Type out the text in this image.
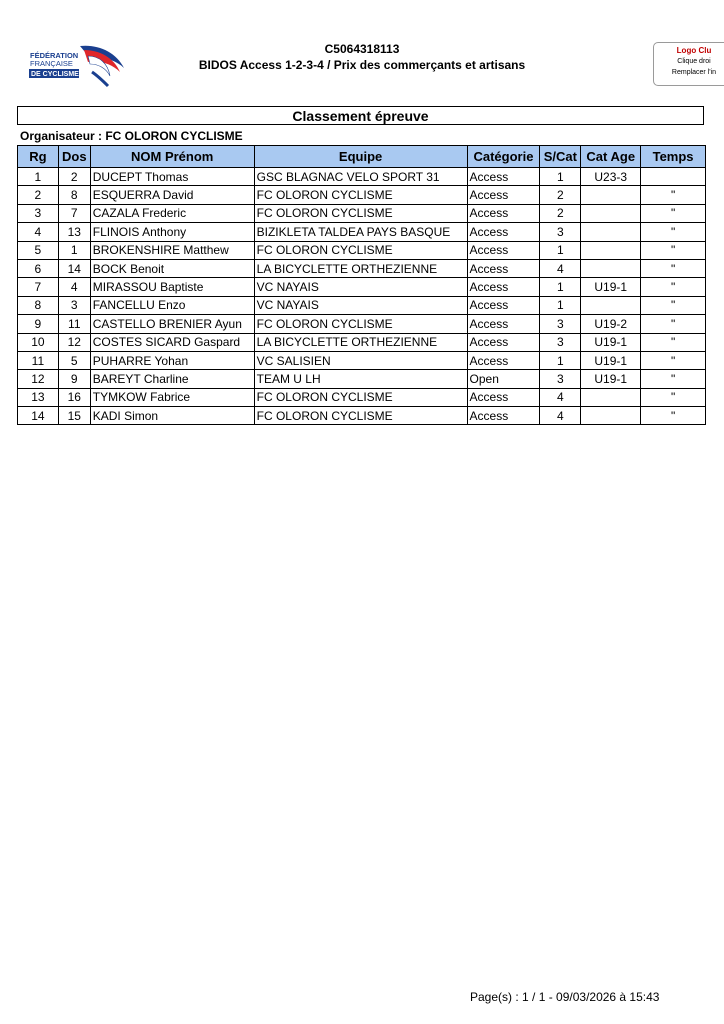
FÉDÉRATION
FRANÇAISE
DE CYCLISME
C5064318113
BIDOS Access 1-2-3-4 / Prix des commerçants et artisans
Logo Clu
Clique droi
Remplacer l'in
Classement épreuve
Organisateur : FC OLORON CYCLISME
Rg	Dos	NOM Prénom	Equipe	Catégorie	S/Cat	Cat Age	Temps
1	2	DUCEPT Thomas	GSC BLAGNAC VELO SPORT 31	Access	1	U23-3	
2	8	ESQUERRA David	FC OLORON CYCLISME	Access	2		"
3	7	CAZALA Frederic	FC OLORON CYCLISME	Access	2		"
4	13	FLINOIS Anthony	BIZIKLETA TALDEA PAYS BASQUE	Access	3		"
5	1	BROKENSHIRE Matthew	FC OLORON CYCLISME	Access	1		"
6	14	BOCK Benoit	LA BICYCLETTE ORTHEZIENNE	Access	4		"
7	4	MIRASSOU Baptiste	VC NAYAIS	Access	1	U19-1	"
8	3	FANCELLU Enzo	VC NAYAIS	Access	1		"
9	11	CASTELLO BRENIER Ayun	FC OLORON CYCLISME	Access	3	U19-2	"
10	12	COSTES SICARD Gaspard	LA BICYCLETTE ORTHEZIENNE	Access	3	U19-1	"
11	5	PUHARRE Yohan	VC SALISIEN	Access	1	U19-1	"
12	9	BAREYT Charline	TEAM U LH	Open	3	U19-1	"
13	16	TYMKOW Fabrice	FC OLORON CYCLISME	Access	4		"
14	15	KADI Simon	FC OLORON CYCLISME	Access	4		"
Page(s) : 1 / 1 - 09/03/2026 à 15:43
